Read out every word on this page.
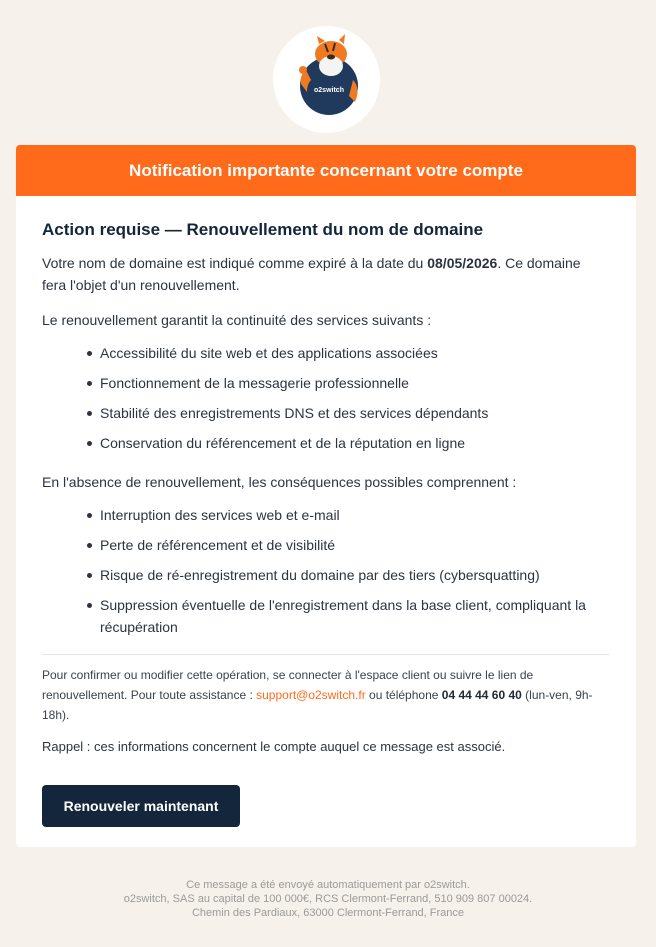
o2switch
Notification importante concernant votre compte
Action requise — Renouvellement du nom de domaine

Votre nom de domaine est indiqué comme expiré à la date du 08/05/2026. Ce domaine fera l'objet d'un renouvellement.

Le renouvellement garantit la continuité des services suivants :

Accessibilité du site web et des applications associées
Fonctionnement de la messagerie professionnelle
Stabilité des enregistrements DNS et des services dépendants
Conservation du référencement et de la réputation en ligne

En l'absence de renouvellement, les conséquences possibles comprennent :

Interruption des services web et e-mail
Perte de référencement et de visibilité
Risque de ré-enregistrement du domaine par des tiers (cybersquatting)
Suppression éventuelle de l'enregistrement dans la base client, compliquant la récupération

Pour confirmer ou modifier cette opération, se connecter à l'espace client ou suivre le lien de renouvellement. Pour toute assistance : support@o2switch.fr ou téléphone 04 44 44 60 40 (lun-ven, 9h-18h).

Rappel : ces informations concernent le compte auquel ce message est associé.

Renouveler maintenant
Ce message a été envoyé automatiquement par o2switch.
o2switch, SAS au capital de 100 000€, RCS Clermont-Ferrand, 510 909 807 00024.
Chemin des Pardiaux, 63000 Clermont-Ferrand, France
